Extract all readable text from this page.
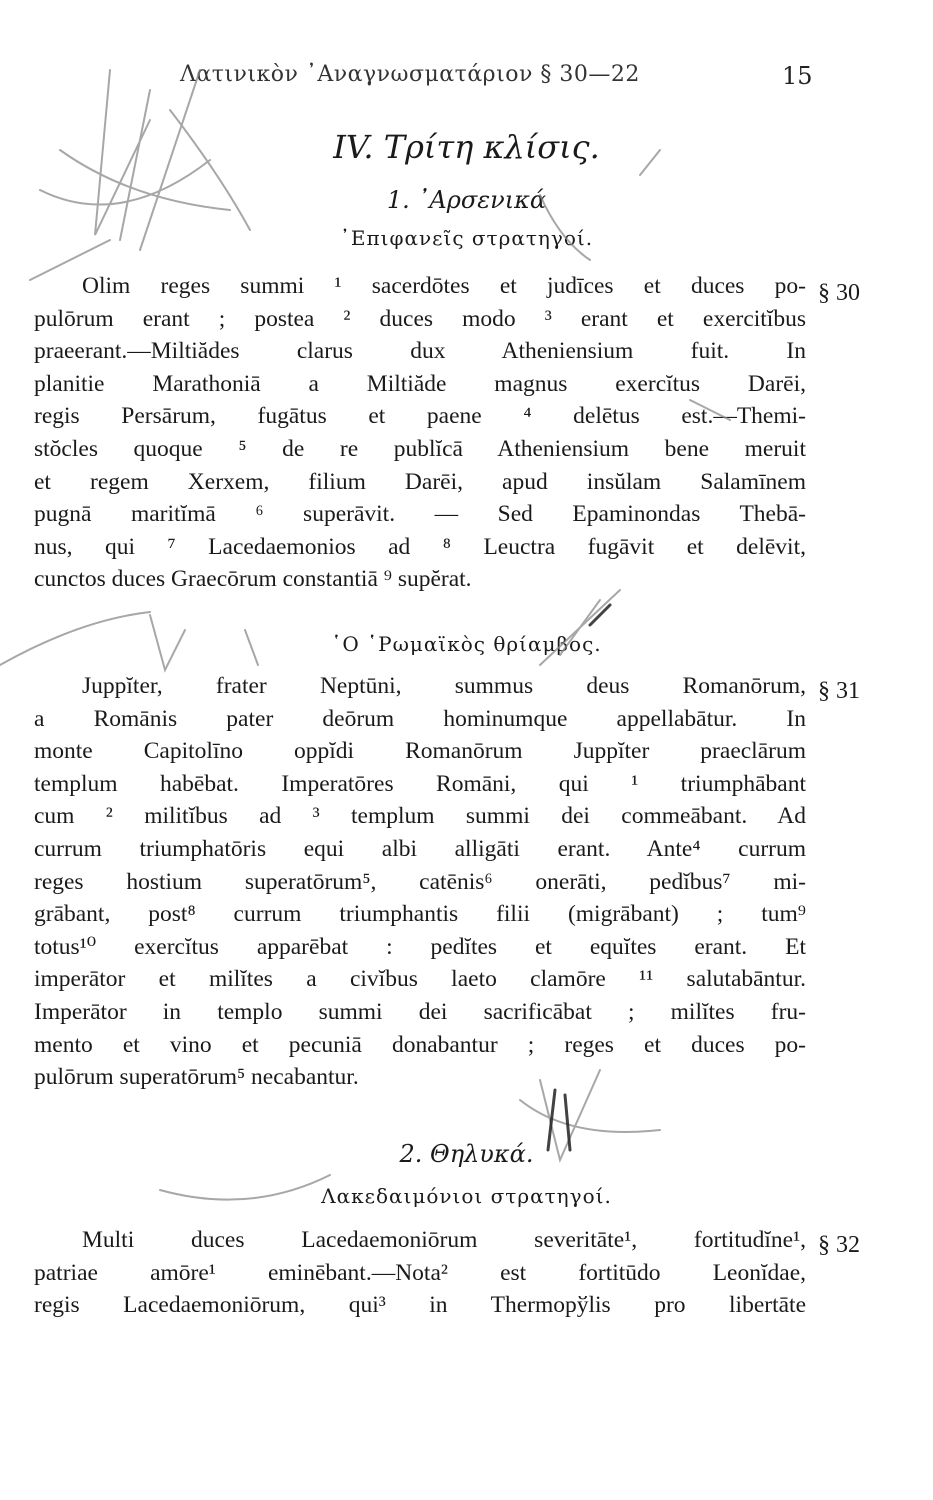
Λατινικὸν ᾿Αναγνωσματάριον § 30—22	15
IV. Τρίτη κλίσις.
1. ᾿Αρσενικά
᾿Επιφανεῖς στρατηγοί.
§ 30
Olim reges summi ¹ sacerdōtes et judīces et duces po-
pulōrum erant ; postea ² duces modo ³ erant et exercitĭbus
praeerant.—Miltiădes clarus dux Atheniensium fuit. In
planitie Marathoniā a Miltiăde magnus exercĭtus Darēi,
regis Persārum, fugātus et paene ⁴ delētus est.—Themi-
stŏcles quoque ⁵ de re publĭcā Atheniensium bene meruit
et regem Xerxem, filium Darēi, apud insŭlam Salamīnem
pugnā maritĭmā ⁶ superāvit. — Sed Epaminondas Thebā-
nus, qui ⁷ Lacedaemonios ad ⁸ Leuctra fugāvit et delēvit,
cunctos duces Graecōrum constantiā ⁹ supĕrat.
῾Ο ῾Ρωμαϊκὸς θρίαμβος.
§ 31
Juppĭter, frater Neptūni, summus deus Romanōrum,
a Romānis pater deōrum hominumque appellabātur. In
monte Capitolīno oppĭdi Romanōrum Juppĭter praeclārum
templum habēbat. Imperatōres Romāni, qui ¹ triumphābant
cum ² militĭbus ad ³ templum summi dei commeābant. Ad
currum triumphatōris equi albi alligāti erant. Ante⁴ currum
reges hostium superatōrum⁵, catēnis⁶ onerāti, pedĭbus⁷ mi-
grābant, post⁸ currum triumphantis filii (migrābant) ; tum⁹
totus¹⁰ exercĭtus apparēbat : pedĭtes et equĭtes erant. Et
imperātor et milĭtes a civĭbus laeto clamōre ¹¹ salutabāntur.
Imperātor in templo summi dei sacrificābat ; milĭtes fru-
mento et vino et pecuniā donabantur ; reges et duces po-
pulōrum superatōrum⁵ necabantur.
2. Θηλυκά.
Λακεδαιμόνιοι στρατηγοί.
§ 32
Multi duces Lacedaemoniōrum severitāte¹, fortitudĭne¹,
patriae amōre¹ eminēbant.—Nota² est fortitūdo Leonĭdae,
regis Lacedaemoniōrum, qui³ in Thermopўlis pro libertāte
